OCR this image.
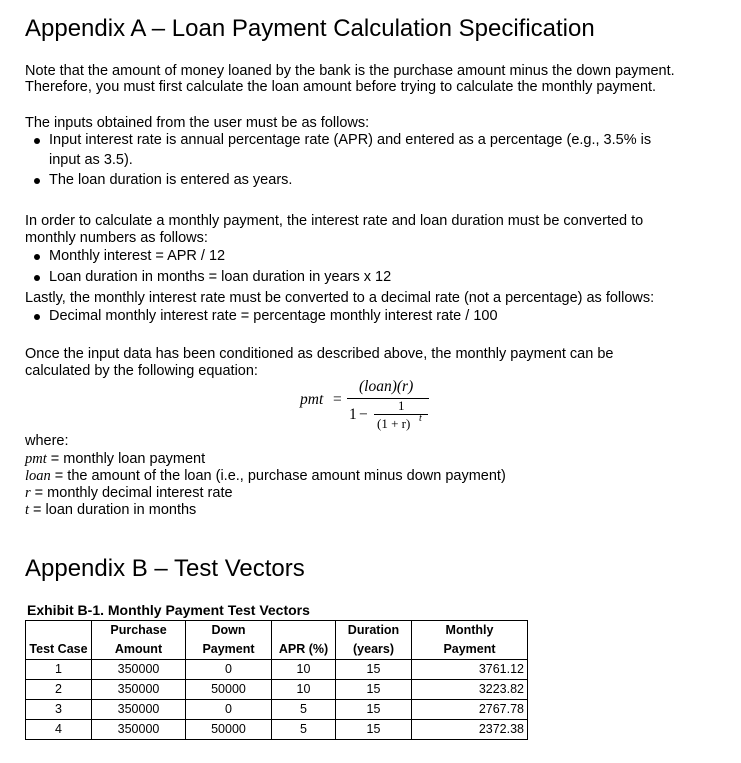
Appendix A – Loan Payment Calculation Specification
Note that the amount of money loaned by the bank is the purchase amount minus the down payment.
Therefore, you must first calculate the loan amount before trying to calculate the monthly payment.
The inputs obtained from the user must be as follows:
Input interest rate is annual percentage rate (APR) and entered as a percentage (e.g., 3.5% is
input as 3.5).
The loan duration is entered as years.
In order to calculate a monthly payment, the interest rate and loan duration must be converted to
monthly numbers as follows:
Monthly interest = APR / 12
Loan duration in months = loan duration in years x 12
Lastly, the monthly interest rate must be converted to a decimal rate (not a percentage) as follows:
Decimal monthly interest rate = percentage monthly interest rate / 100
Once the input data has been conditioned as described above, the monthly payment can be
calculated by the following equation:
pmt =
(loan)(r)
1 −
1
(1 + r) t
where:
pmt = monthly loan payment
loan = the amount of the loan (i.e., purchase amount minus down payment)
r = monthly decimal interest rate
t = loan duration in months
Appendix B – Test Vectors
Exhibit B-1. Monthly Payment Test Vectors
	Purchase	Down		Duration	Monthly
Test Case	Amount	Payment	APR (%)	(years)	Payment
1	350000	0	10	15	3761.12
2	350000	50000	10	15	3223.82
3	350000	0	5	15	2767.78
4	350000	50000	5	15	2372.38
